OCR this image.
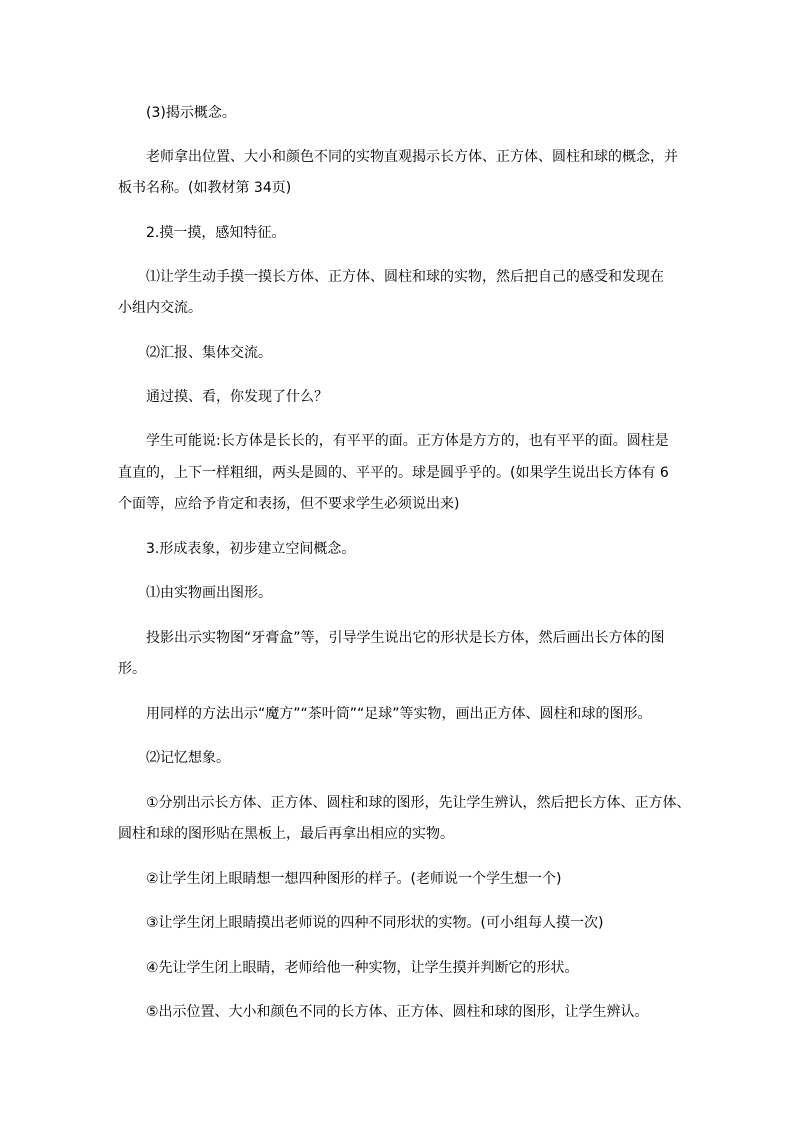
(3)揭示概念。
老师拿出位置、大小和颜色不同的实物直观揭示长方体、正方体、圆柱和球的概念，并
板书名称。(如教材第 34页)
2.摸一摸，感知特征。
⑴让学生动手摸一摸长方体、正方体、圆柱和球的实物，然后把自己的感受和发现在
小组内交流。
⑵汇报、集体交流。
通过摸、看，你发现了什么？
学生可能说:长方体是长长的，有平平的面。正方体是方方的，也有平平的面。圆柱是
直直的，上下一样粗细，两头是圆的、平平的。球是圆乎乎的。(如果学生说出长方体有 6
个面等，应给予肯定和表扬，但不要求学生必须说出来)
3.形成表象，初步建立空间概念。
⑴由实物画出图形。
投影出示实物图“牙膏盒”等，引导学生说出它的形状是长方体，然后画出长方体的图
形。
用同样的方法出示“魔方”“茶叶筒”“足球”等实物，画出正方体、圆柱和球的图形。
⑵记忆想象。
①分别出示长方体、正方体、圆柱和球的图形，先让学生辨认，然后把长方体、正方体、
圆柱和球的图形贴在黑板上，最后再拿出相应的实物。
②让学生闭上眼睛想一想四种图形的样子。(老师说一个学生想一个)
③让学生闭上眼睛摸出老师说的四种不同形状的实物。(可小组每人摸一次)
④先让学生闭上眼睛，老师给他一种实物，让学生摸并判断它的形状。
⑤出示位置、大小和颜色不同的长方体、正方体、圆柱和球的图形，让学生辨认。
